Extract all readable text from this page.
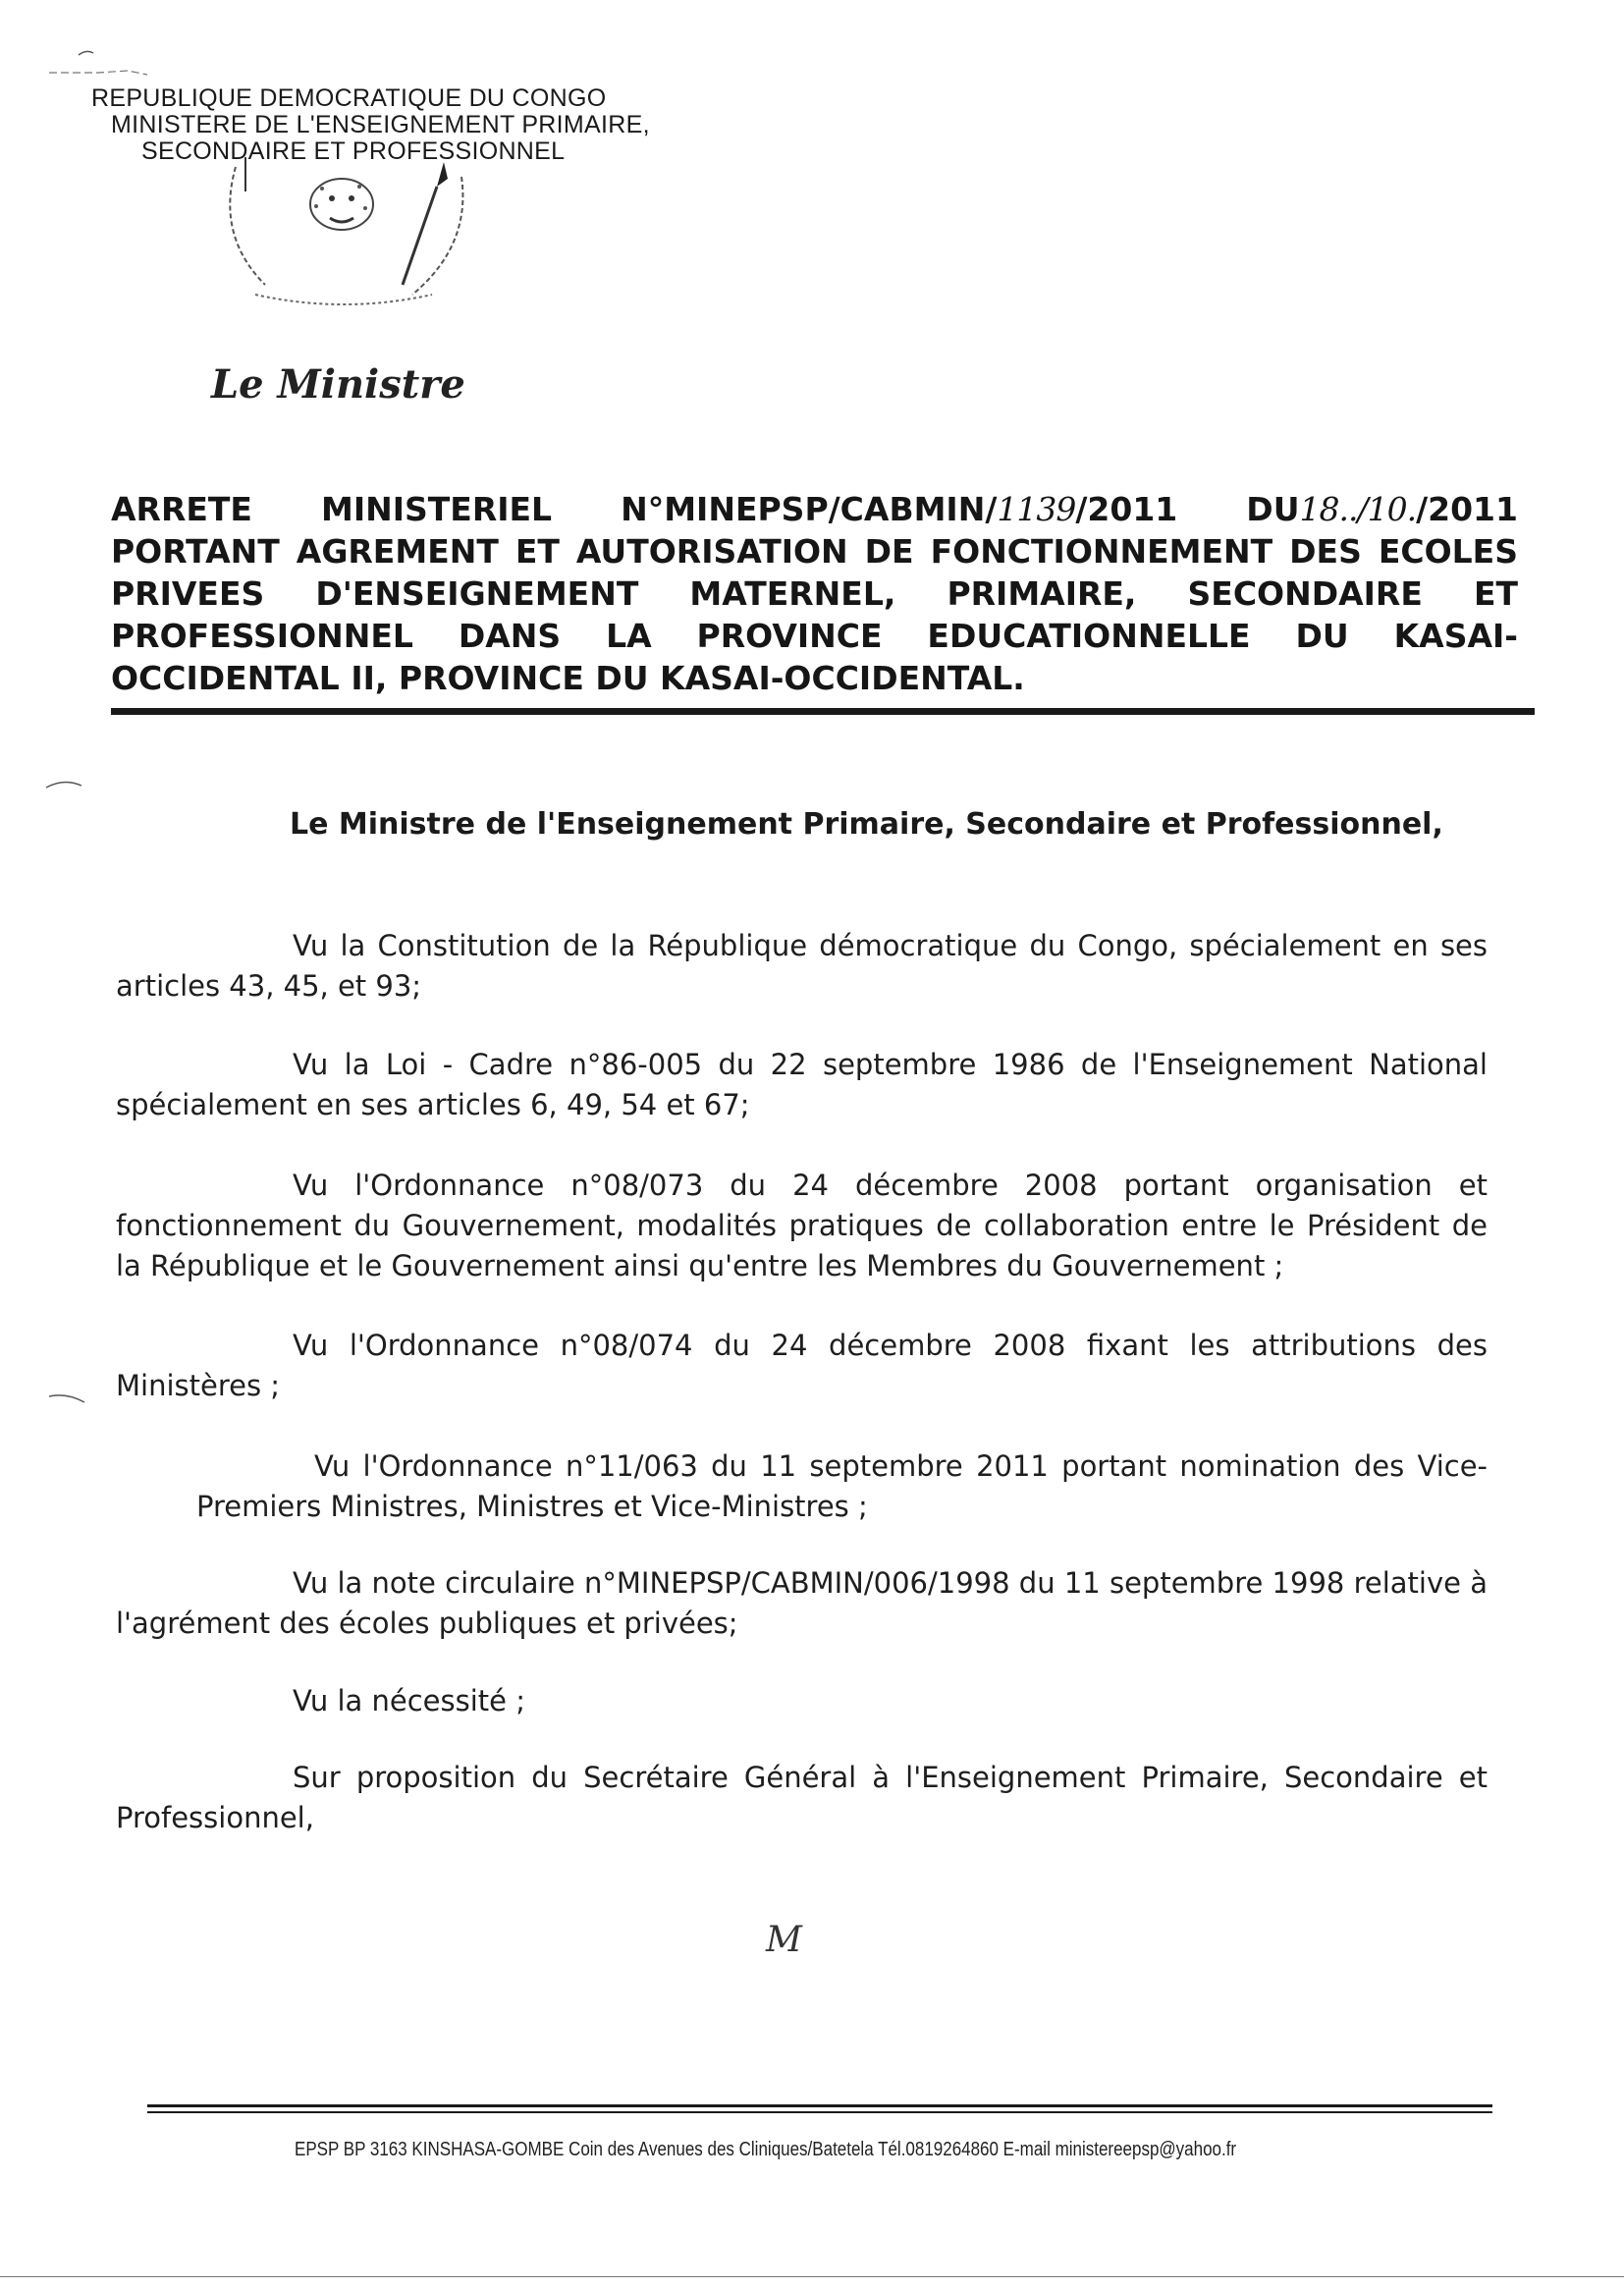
REPUBLIQUE DEMOCRATIQUE DU CONGO
MINISTERE DE L'ENSEIGNEMENT PRIMAIRE,
SECONDAIRE ET PROFESSIONNEL
Le Ministre
ARRETE MINISTERIEL N°MINEPSP/CABMIN/1139/2011 DU18../10./2011
PORTANT AGREMENT ET AUTORISATION DE FONCTIONNEMENT DES ECOLES PRIVEES D'ENSEIGNEMENT MATERNEL, PRIMAIRE, SECONDAIRE ET PROFESSIONNEL DANS LA PROVINCE EDUCATIONNELLE DU KASAI-OCCIDENTAL II, PROVINCE DU KASAI-OCCIDENTAL.
Le Ministre de l'Enseignement Primaire, Secondaire et Professionnel,
Vu la Constitution de la République démocratique du Congo, spécialement en ses articles 43, 45, et 93;
Vu la Loi - Cadre n°86-005 du 22 septembre 1986 de l'Enseignement National spécialement en ses articles 6, 49, 54 et 67;
Vu l'Ordonnance n°08/073 du 24 décembre 2008 portant organisation et fonctionnement du Gouvernement, modalités pratiques de collaboration entre le Président de la République et le Gouvernement ainsi qu'entre les Membres du Gouvernement ;
Vu l'Ordonnance n°08/074 du 24 décembre 2008 fixant les attributions des Ministères ;
Vu l'Ordonnance n°11/063 du 11 septembre 2011 portant nomination des Vice-Premiers Ministres, Ministres et Vice-Ministres ;
Vu la note circulaire n°MINEPSP/CABMIN/006/1998 du 11 septembre 1998 relative à l'agrément des écoles publiques et privées;
Vu la nécessité ;
Sur proposition du Secrétaire Général à l'Enseignement Primaire, Secondaire et Professionnel,
M
EPSP BP 3163 KINSHASA-GOMBE Coin des Avenues des Cliniques/Batetela Tél.0819264860 E-mail ministereepsp@yahoo.fr
